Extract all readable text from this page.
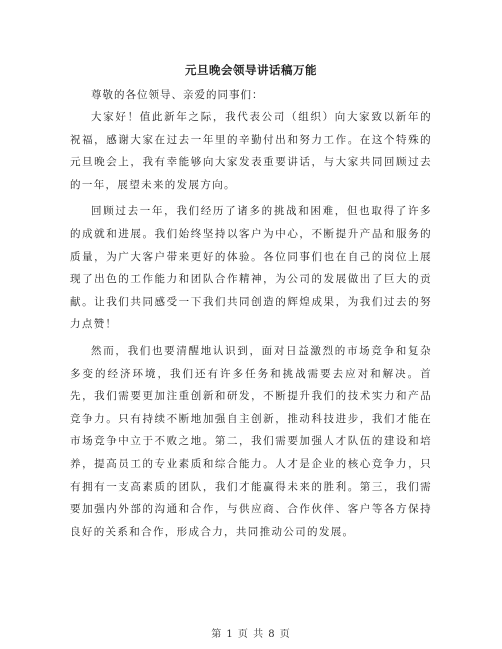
元旦晚会领导讲话稿万能

尊敬的各位领导、亲爱的同事们：

大家好！值此新年之际，我代表公司（组织）向大家致以新年的祝福，感谢大家在过去一年里的辛勤付出和努力工作。在这个特殊的元旦晚会上，我有幸能够向大家发表重要讲话，与大家共同回顾过去的一年，展望未来的发展方向。

回顾过去一年，我们经历了诸多的挑战和困难，但也取得了许多的成就和进展。我们始终坚持以客户为中心，不断提升产品和服务的质量，为广大客户带来更好的体验。各位同事们也在自己的岗位上展现了出色的工作能力和团队合作精神，为公司的发展做出了巨大的贡献。让我们共同感受一下我们共同创造的辉煌成果，为我们过去的努力点赞！

然而，我们也要清醒地认识到，面对日益激烈的市场竞争和复杂多变的经济环境，我们还有许多任务和挑战需要去应对和解决。首先，我们需要更加注重创新和研发，不断提升我们的技术实力和产品竞争力。只有持续不断地加强自主创新，推动科技进步，我们才能在市场竞争中立于不败之地。第二，我们需要加强人才队伍的建设和培养，提高员工的专业素质和综合能力。人才是企业的核心竞争力，只有拥有一支高素质的团队，我们才能赢得未来的胜利。第三，我们需要加强内外部的沟通和合作，与供应商、合作伙伴、客户等各方保持良好的关系和合作，形成合力，共同推动公司的发展。

第 1 页 共 8 页
